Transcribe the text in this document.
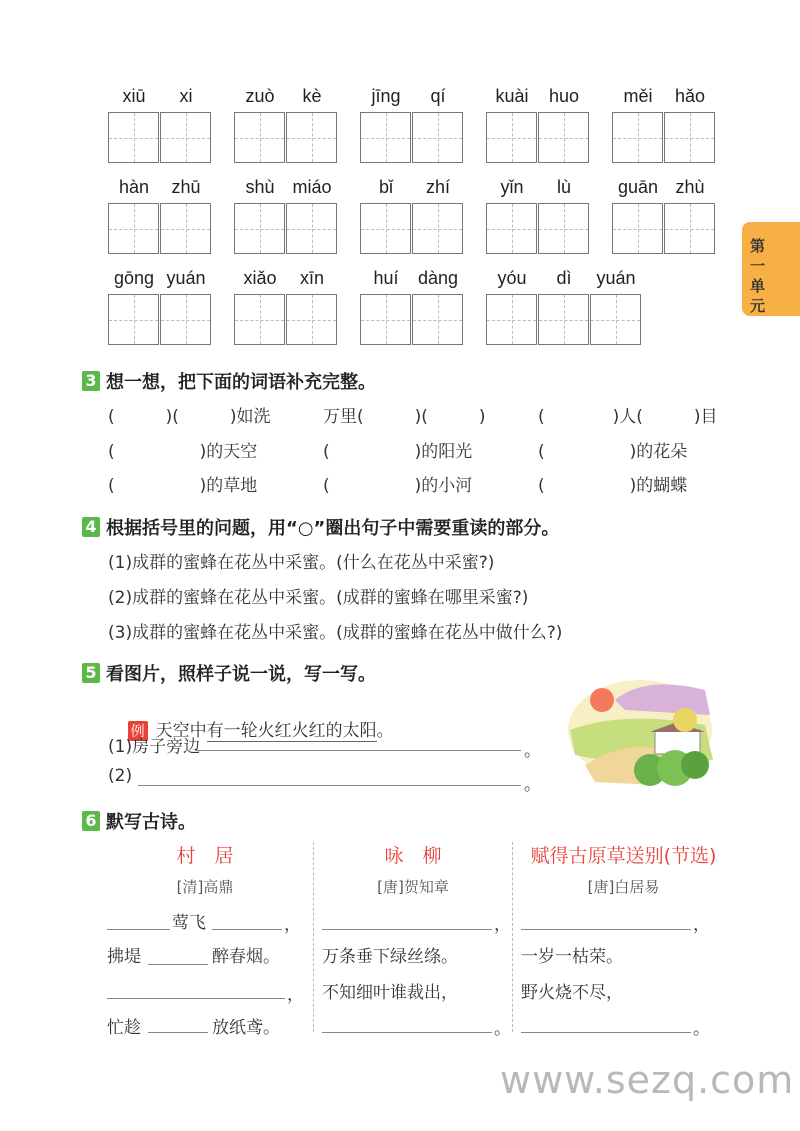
xiū	xi	zuò	kè	jīng	qí	kuài	huo	měi	hǎo
hàn	zhū	shù miáo	bǐ	zhí	yǐn	lù	guān zhù
gōng yuán	xiǎo	xīn	huí	dàng	yóu	dì	yuán
第一单元
3 想一想，把下面的词语补充完整。
(　　　)(　　　)如洗	万里(　　　)(　　　)	(　　　　)人(　　　)目
(　　　　　)的天空	(　　　　　)的阳光	(　　　　　)的花朵
(　　　　　)的草地	(　　　　　)的小河	(　　　　　)的蝴蝶
4 根据括号里的问题，用“○”圈出句子中需要重读的部分。
(1)成群的蜜蜂在花丛中采蜜。(什么在花丛中采蜜?)
(2)成群的蜜蜂在花丛中采蜜。(成群的蜜蜂在哪里采蜜?)
(3)成群的蜜蜂在花丛中采蜜。(成群的蜜蜂在花丛中做什么?)
5 看图片，照样子说一说，写一写。

例 天空中有一轮火红火红的太阳。

(1)房子旁边	。
(2)	。
6 默写古诗。
村　居
[清]高鼎
莺飞	，
拂堤	醉春烟。
，
忙趁	放纸鸢。
咏　柳
[唐]贺知章
，
万条垂下绿丝绦。
不知细叶谁裁出，
。
赋得古原草送别(节选)
[唐]白居易
，
一岁一枯荣。
野火烧不尽，
。
www.sezq.com
